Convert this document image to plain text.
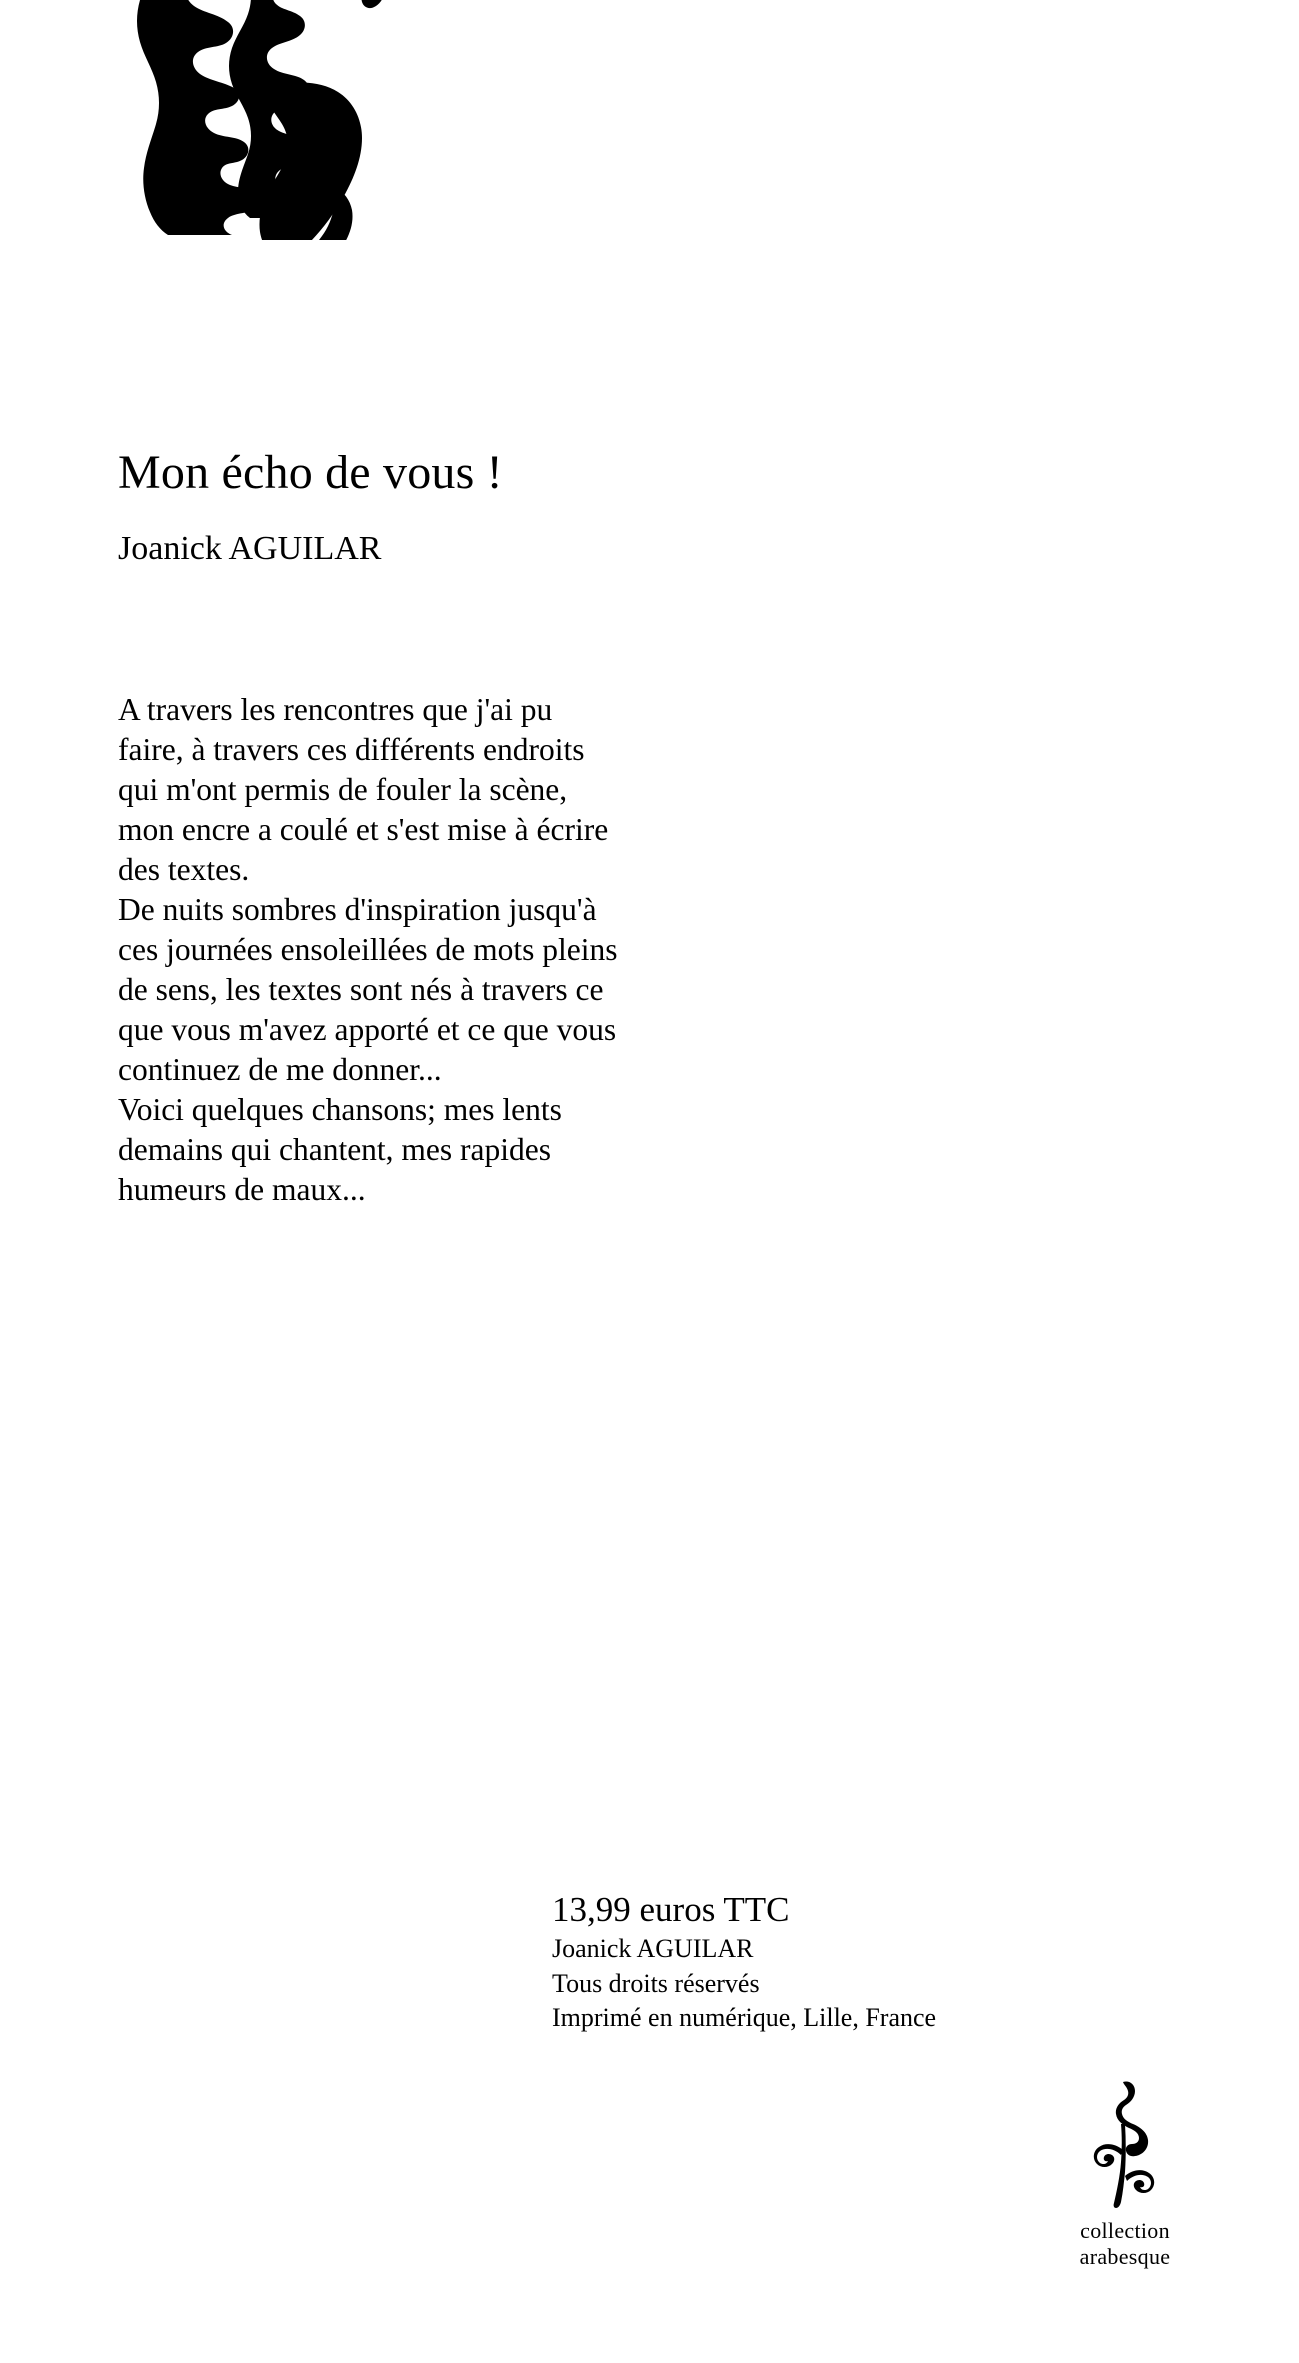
Mon écho de vous !
Joanick AGUILAR

A travers les rencontres que j'ai pu

faire, à travers ces différents endroits

qui m'ont permis de fouler la scène,

mon encre a coulé et s'est mise à écrire

des textes.

De nuits sombres d'inspiration jusqu'à

ces journées ensoleillées de mots pleins

de sens, les textes sont nés à travers ce

que vous m'avez apporté et ce que vous

continuez de me donner...

Voici quelques chansons; mes lents

demains qui chantent, mes rapides

humeurs de maux...

13,99 euros TTC

Joanick AGUILAR

Tous droits réservés

Imprimé en numérique, Lille, France

collection
arabesque
